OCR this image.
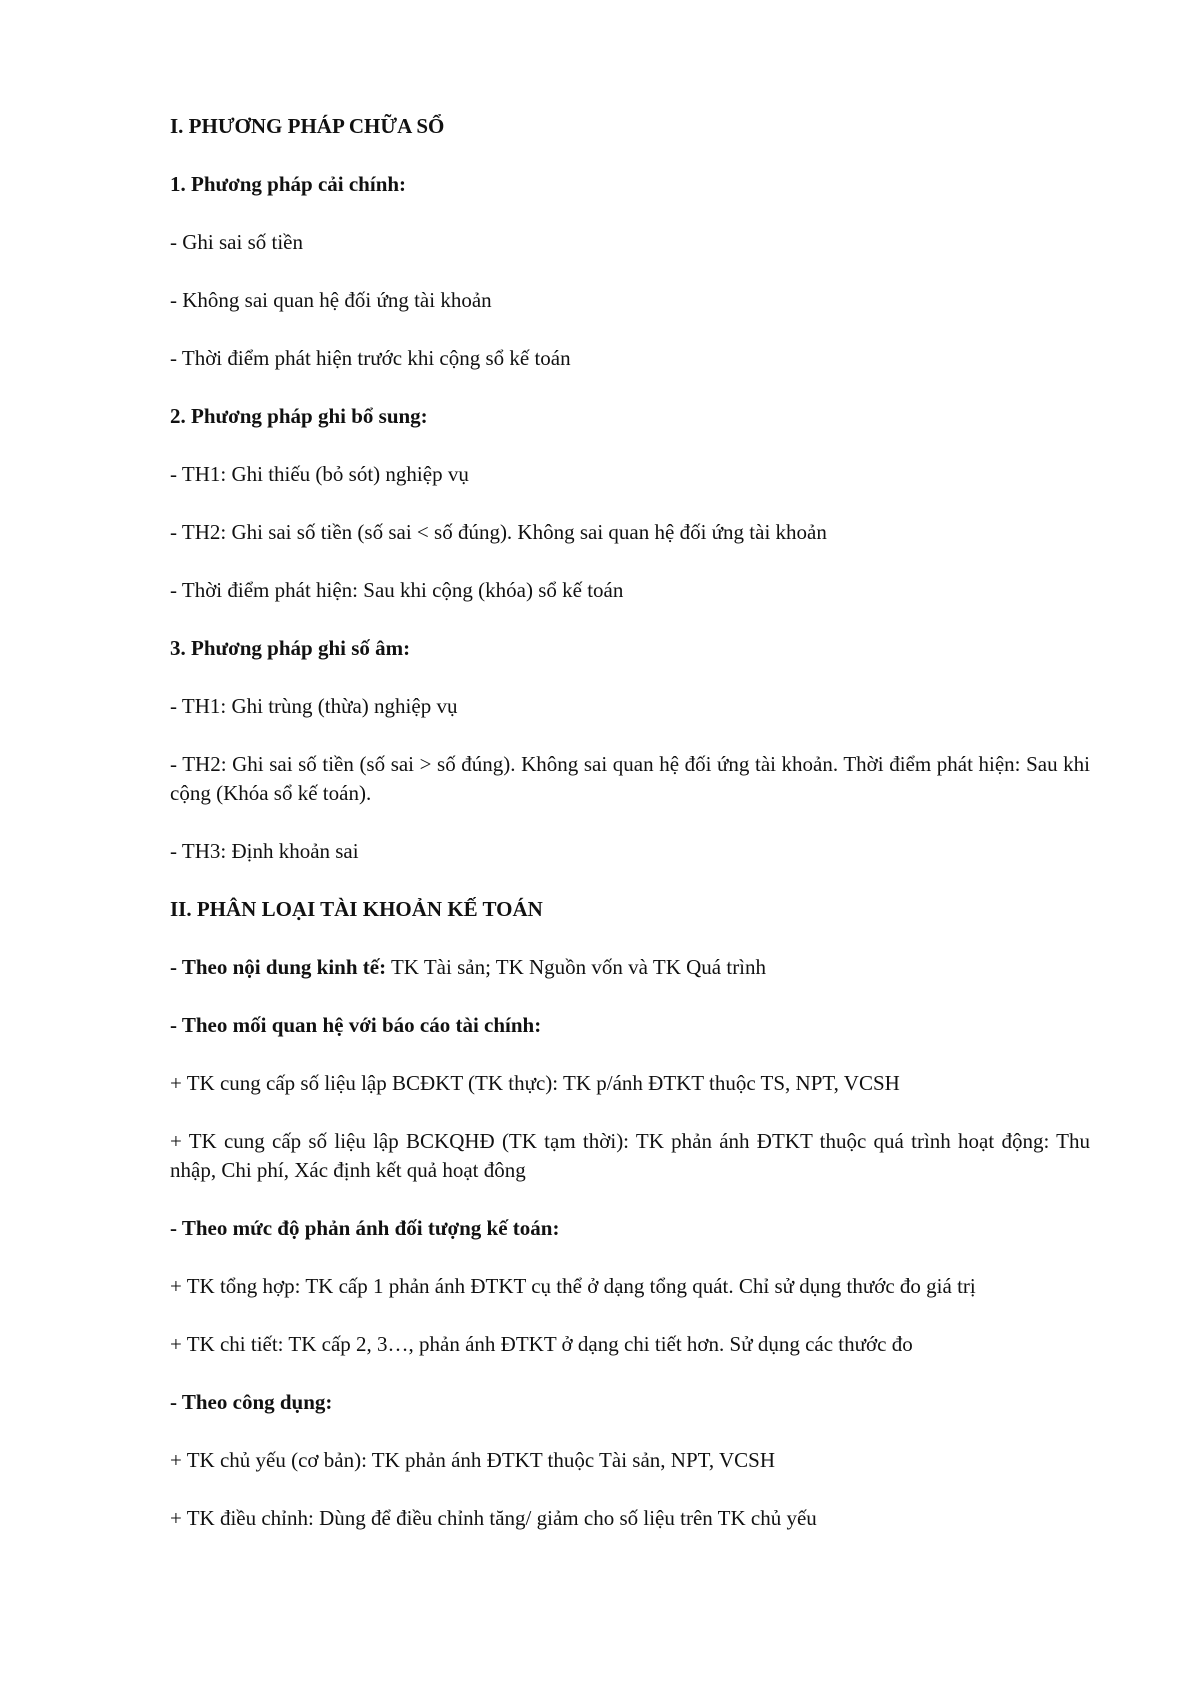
I. PHƯƠNG PHÁP CHỮA SỔ

1. Phương pháp cải chính:

- Ghi sai số tiền

- Không sai quan hệ đối ứng tài khoản

- Thời điểm phát hiện trước khi cộng sổ kế toán

2. Phương pháp ghi bổ sung:

- TH1: Ghi thiếu (bỏ sót) nghiệp vụ

- TH2: Ghi sai số tiền (số sai < số đúng). Không sai quan hệ đối ứng tài khoản

- Thời điểm phát hiện: Sau khi cộng (khóa) sổ kế toán

3. Phương pháp ghi số âm:

- TH1: Ghi trùng (thừa) nghiệp vụ

- TH2: Ghi sai số tiền (số sai > số đúng). Không sai quan hệ đối ứng tài khoản. Thời điểm phát hiện: Sau khi cộng (Khóa sổ kế toán).

- TH3: Định khoản sai

II. PHÂN LOẠI TÀI KHOẢN KẾ TOÁN

- Theo nội dung kinh tế: TK Tài sản; TK Nguồn vốn và TK Quá trình

- Theo mối quan hệ với báo cáo tài chính:

+ TK cung cấp số liệu lập BCĐKT (TK thực): TK p/ánh ĐTKT thuộc TS, NPT, VCSH

+ TK cung cấp số liệu lập BCKQHĐ (TK tạm thời): TK phản ánh ĐTKT thuộc quá trình hoạt động: Thu nhập, Chi phí, Xác định kết quả hoạt đông

- Theo mức độ phản ánh đối tượng kế toán:

+ TK tổng hợp: TK cấp 1 phản ánh ĐTKT cụ thể ở dạng tổng quát. Chỉ sử dụng thước đo giá trị

+ TK chi tiết: TK cấp 2, 3…, phản ánh ĐTKT ở dạng chi tiết hơn. Sử dụng các thước đo

- Theo công dụng:

+ TK chủ yếu (cơ bản): TK phản ánh ĐTKT thuộc Tài sản, NPT, VCSH

+ TK điều chỉnh: Dùng để điều chỉnh tăng/ giảm cho số liệu trên TK chủ yếu
